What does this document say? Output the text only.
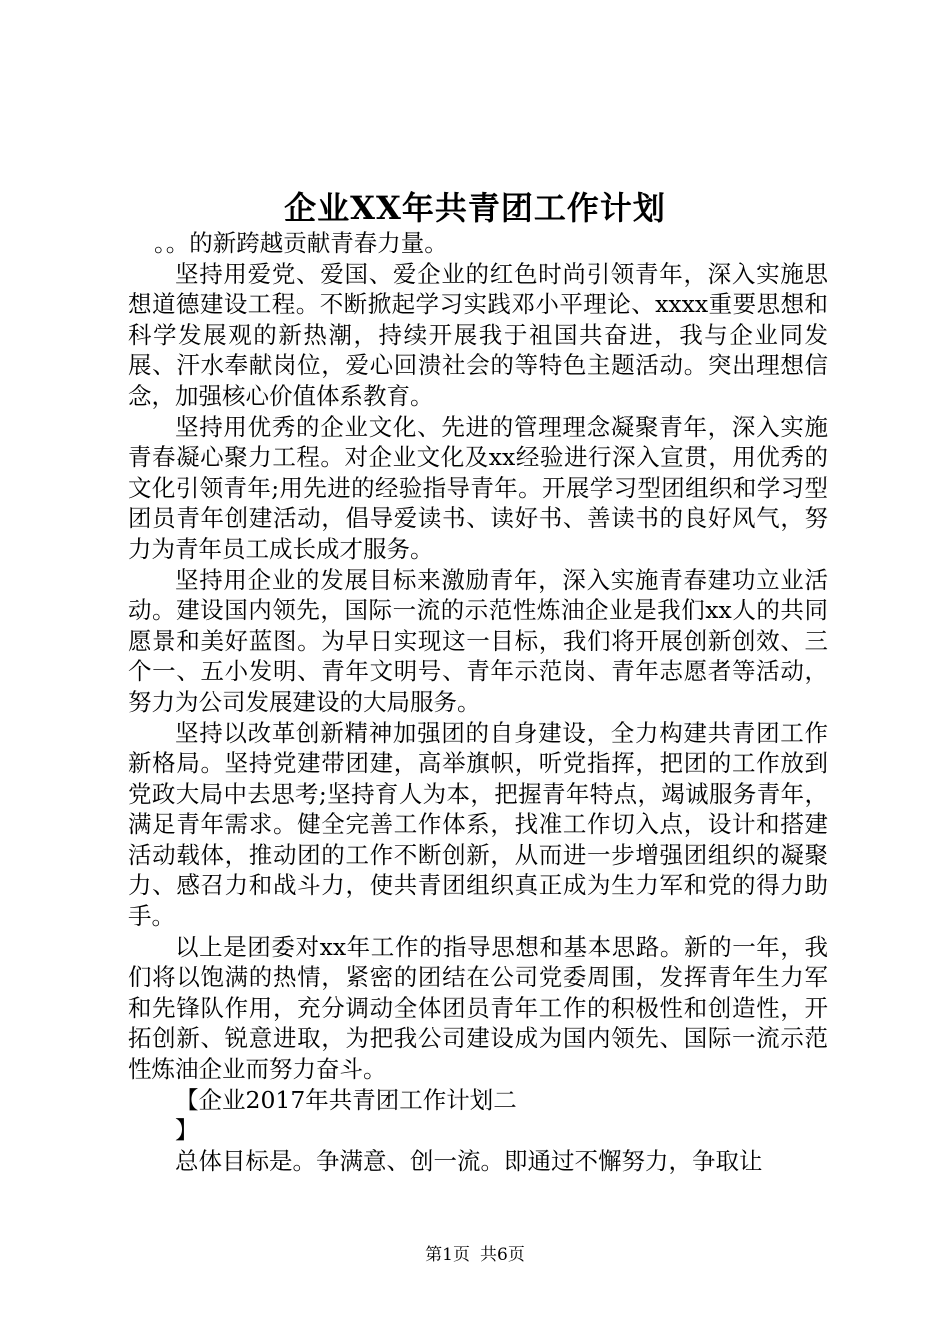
企业XX年共青团工作计划

。。的新跨越贡献青春力量。

坚持用爱党、爱国、爱企业的红色时尚引领青年，深入实施思想道德建设工程。不断掀起学习实践邓小平理论、xxxx重要思想和科学发展观的新热潮，持续开展我于祖国共奋进，我与企业同发展、汗水奉献岗位，爱心回溃社会的等特色主题活动。突出理想信念，加强核心价值体系教育。

坚持用优秀的企业文化、先进的管理理念凝聚青年，深入实施青春凝心聚力工程。对企业文化及xx经验进行深入宣贯，用优秀的文化引领青年;用先进的经验指导青年。开展学习型团组织和学习型团员青年创建活动，倡导爱读书、读好书、善读书的良好风气，努力为青年员工成长成才服务。

坚持用企业的发展目标来激励青年，深入实施青春建功立业活动。建设国内领先，国际一流的示范性炼油企业是我们xx人的共同愿景和美好蓝图。为早日实现这一目标，我们将开展创新创效、三个一、五小发明、青年文明号、青年示范岗、青年志愿者等活动，努力为公司发展建设的大局服务。

坚持以改革创新精神加强团的自身建设，全力构建共青团工作新格局。坚持党建带团建，高举旗帜，听党指挥，把团的工作放到党政大局中去思考;坚持育人为本，把握青年特点，竭诚服务青年，满足青年需求。健全完善工作体系，找准工作切入点，设计和搭建活动载体，推动团的工作不断创新，从而进一步增强团组织的凝聚力、感召力和战斗力，使共青团组织真正成为生力军和党的得力助手。

以上是团委对xx年工作的指导思想和基本思路。新的一年，我们将以饱满的热情，紧密的团结在公司党委周围，发挥青年生力军和先锋队作用，充分调动全体团员青年工作的积极性和创造性，开拓创新、锐意进取，为把我公司建设成为国内领先、国际一流示范性炼油企业而努力奋斗。

【企业2017年共青团工作计划二

】

总体目标是。争满意、创一流。即通过不懈努力，争取让

第1页 共6页
